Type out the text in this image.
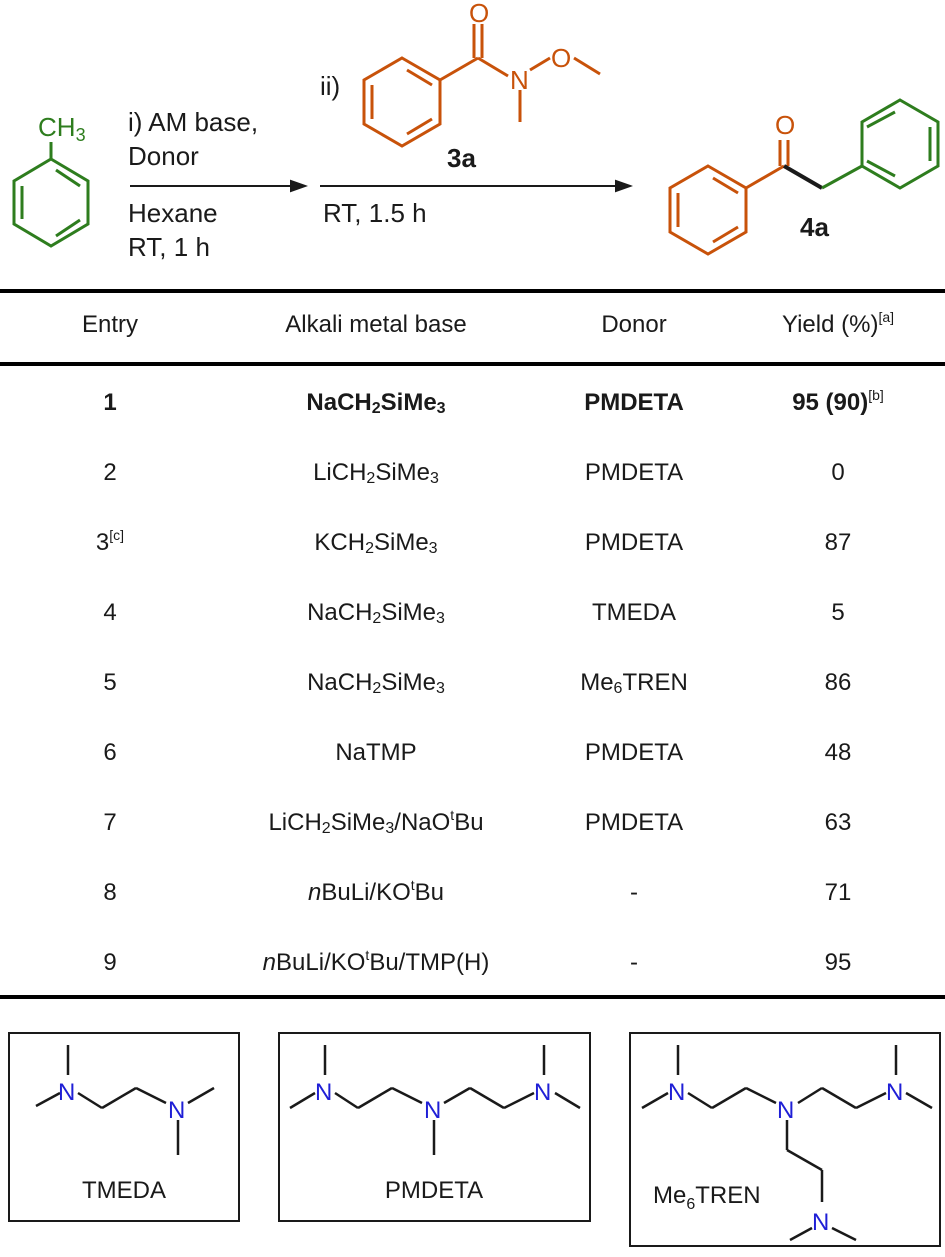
CH3 i) AM base,
Donor
Hexane
RT, 1 h
O
N
O
3a
ii)
RT, 1.5 h
O
4a
Entry	Alkali metal base	Donor	Yield (%)[a]
1	NaCH$_2$SiMe$_3$	PMDETA	95 (90)[b]
2	LiCH$_2$SiMe$_3$	PMDETA	0
3[c]	$KCH_2SiMe_3$	PMDETA	87
4	NaCH$_2$SiMe$_3$	TMEDA	5
5	NaCH$_2$SiMe$_3$	$Me_6TREN$	86
6	NaTMP	PMDETA	48
7	LiCH$_2$SiMe$_3$/NaO$^t$Bu	PMDETA	63
8	nBuLi/$KO^tBu$	-	71
9	nBuLi/$KO^tBu/TMP(H)$	-	95
N
N
TMEDA
N
N
N
PMDETA
N
N
N
N
$Me_6TREN$
